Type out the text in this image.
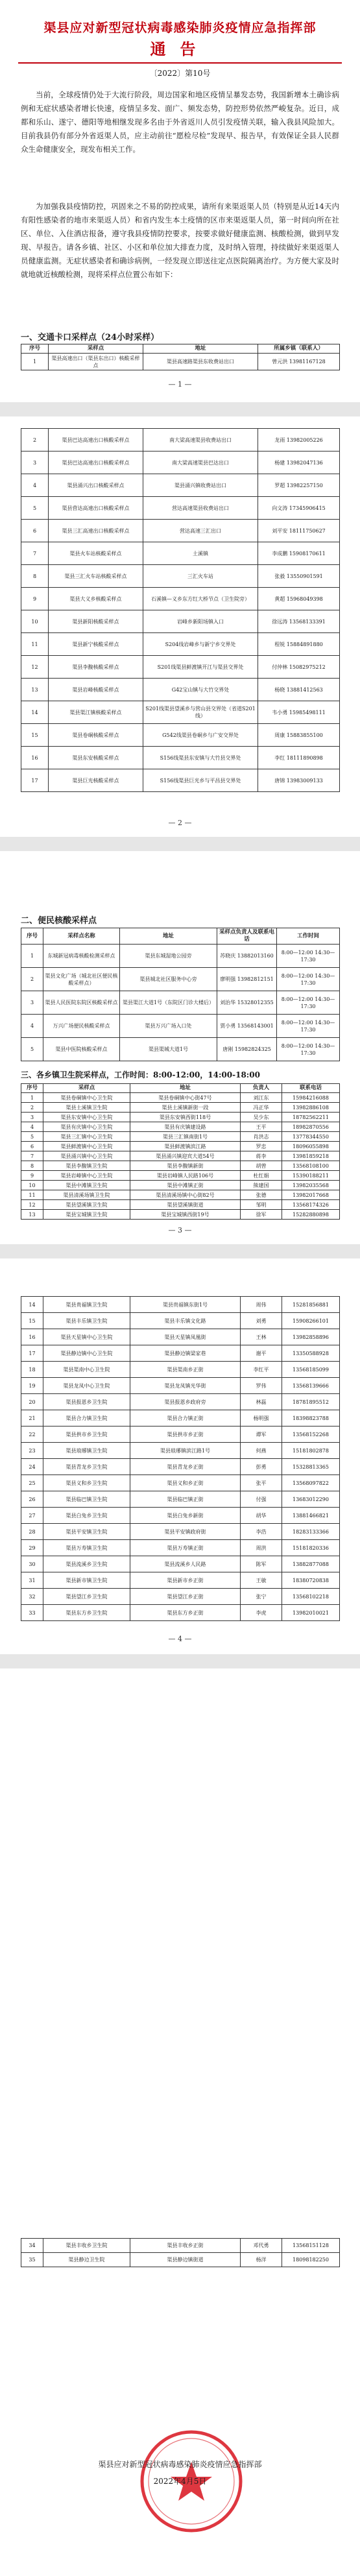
渠县应对新型冠状病毒感染肺炎疫情应急指挥部
通告
〔2022〕第10号

当前，全球疫情仍处于大流行阶段，周边国家和地区疫情呈暴发态势，我国新增本土确诊病例和无症状感染者增长快速，疫情呈多发、面广、频发态势，防控形势依然严峻复杂。近日，成都和乐山、遂宁、德阳等地相继发现多名由于外省返川人员引发疫情关联，输入我县风险加大。目前我县仍有部分外省返渠人员，应主动前往“愿检尽检”发现早、报告早，有效保证全县人民群众生命健康安全，现发布相关工作。

为加强我县疫情防控，巩固来之不易的防控成果，请所有来渠返渠人员（特别是从近14天内有阳性感染者的地市来渠返人员）和省内发生本土疫情的区市来渠返渠人员，第一时间向所在社区、单位、入住酒店报备，遵守我县疫情防控要求，按要求做好健康监测、核酸检测，做到早发现、早报告。请各乡镇、社区、小区和单位加大排查力度，及时纳入管理，持续做好来渠返渠人员健康监测。无症状感染者和确诊病例，一经发现立即送往定点医院隔离治疗。为方便大家及时就地就近核酸检测，现将采样点位置公布如下：

一、交通卡口采样点（24小时采样）
序号	采样点	地址	所属乡镇（联系人）
1	渠县高速出口（渠县东出口）核酸采样点	渠县高速路渠县东收费站出口	曾元洪 13981167128
— 1 —
2	渠县巴达高速出口核酸采样点	南大梁高速渠县收费站出口	龙雨 13982005226
3	渠县巴达高速出口核酸采样点	南大梁高速渠县巴达出口	杨建 13982047136
4	渠县涌兴出口核酸采样点	渠县涌兴镇收费站出口	罗超 13982257150
5	渠县营达高速出口核酸采样点	营达高速渠县收费站出口	向文涛 17345906415
6	渠县三汇高速出口核酸采样点	营达高速三汇出口	刘平安 18111750627
7	渠县火车站核酸采样点	土溪镇	李成鹏 15908170611
8	渠县三汇火车站核酸采样点	三汇火车站	张毅 13550901591
9	渠县大义乡核酸采样点	石溪镇—义乡东方红大桥节点（卫生院旁）	黄超 15968049398
10	渠县新阳核酸采样点	岩峰乡新阳场镇入口	徐远涛 13568133391
11	渠县新宁核酸采样点	S204线岩峰乡与新宁乡交界处	程锐 15884891880
12	渠县李馥核酸采样点	S201线渠县鲜渡镇开江与渠县交界处	付仲林 15082975212
13	渠县岩峰核酸采样点	G42宝山镇与大竹交界处	杨晓 13881412563
14	渠县渠江镇核酸采样点	S201线渠县望溪乡与营山县交界处（省道S201线）	韦小勇 15985498111
15	渠县卷硐核酸采样点	G542线渠县卷硐乡与广安交界处	周康 15883855100
16	渠县东安核酸采样点	S156线渠县东安镇与大竹县交界处	李红 18111890898
17	渠县巨光核酸采样点	S156线渠县巨光乡与平昌县交界处	唐锦 13983009133
— 2 —
二、便民核酸采样点
序号	采样点名称	地址	采样点负责人及联系电话	工作时间
1	东城新冠病毒核酸检测采样点	渠县东城湿地公园旁	苏晓庆 13882013160	8:00—12:00 14:30—17:30
2	渠县文化广场（城北社区便民核酸采样点）	渠县城北社区服务中心旁	廖明强 13982812151	8:00—12:00 14:30—17:30
3	渠县人民医院东院区核酸采样点	渠县渠江大道1号（东院区门诊大楼后）	刘治华 15328012355	8:00—12:00 14:30—17:30
4	万兴广场便民核酸采样点	渠县万兴广场入口处	贾小勇 13568143001	8:00—12:00 14:30—17:30
5	渠县中医院核酸采样点	渠县渠城大道1号	唐刚 15982824325	8:00—12:00 14:30—17:30
三、各乡镇卫生院采样点，工作时间：8:00-12:00，14:00-18:00
序号	采样点	地址	负责人	联系电话
1	渠县卷硐镇中心卫生院	渠县卷硐镇中心街47号	刘江东	15984216088
2	渠县土溪镇卫生院	渠县土溪镇新街一段	冯正华	13982886108
3	渠县东安镇中心卫生院	渠县东安镇西街118号	吴少东	18782562211
4	渠县有庆镇中心卫生院	渠县有庆镇建设路	王平	18982870556
5	渠县三汇镇中心卫生院	渠县三汇镇南街1号	肖洪志	13778344550
6	渠县鲜渡镇中心卫生院	渠县鲜渡镇滨江路	罗忠	18096055898
7	渠县涌兴镇中心卫生院	渠县涌兴镇迎宾大道54号	蒋李	13981859218
8	渠县李馥镇卫生院	渠县李馥镇新街	胡曾	13568108100
9	渠县岩峰镇中心卫生院	渠县岩峰镇人民路106号	杜红娟	15390188211
10	渠县中滩镇卫生院	渠县中滩镇正街	熊建国	13982035568
11	渠县清溪场镇卫生院	渠县清溪场镇中心街82号	张德	13982017668
12	渠县望溪镇卫生院	渠县望溪镇街道	邹明	13568174326
13	渠县宝城镇卫生院	渠县宝城镇西街19号	徐军	15282880898
— 3 —
14	渠县贵福镇卫生院	渠县贵福镇东街1号	周伟	15281856881
15	渠县丰乐镇卫生院	渠县丰乐镇文化路	刘勇	15908266101
16	渠县天星镇中心卫生院	渠县天星镇凤凰街	王林	13982858896
17	渠县静边镇中心卫生院	渠县静边镇梁家巷	谢平	13350588928
18	渠县渠南中心卫生院	渠县渠南乡正街	李红平	13568185099
19	渠县龙凤中心卫生院	渠县龙凤镇光华街	罗伟	13568139666
20	渠县报恩乡卫生院	渠县报恩乡政府旁	林磊	18781895512
21	渠县合力镇卫生院	渠县合力镇正街	杨明强	18398823788
22	渠县拱市乡卫生院	渠县拱市乡正街	谭军	13568152268
23	渠县琅琊镇卫生院	渠县琅琊镇滨江路1号	何燕	15181802878
24	渠县青龙乡卫生院	渠县青龙乡正街	彭勇	15328813365
25	渠县义和乡卫生院	渠县义和乡正街	张平	13568097822
26	渠县临巴镇卫生院	渠县临巴镇正街	付强	13683012290
27	渠县白兔乡卫生院	渠县白兔乡新街	胡华	13881466821
28	渠县平安镇卫生院	渠县平安镇政府街	李浩	18283133366
29	渠县万寿镇卫生院	渠县万寿镇正街	周洪	15181820336
30	渠县流溪乡卫生院	渠县流溪乡人民路	陈军	13882877088
31	渠县新市镇卫生院	渠县新市乡正街	王敏	18380720838
32	渠县望江乡卫生院	渠县望江乡正街	张宁	13568102218
33	渠县东方乡卫生院	渠县东方乡正街	李虎	13982010021
— 4 —
34	渠县丰收乡卫生院	渠县丰收乡正街	邓代勇	13568151128
35	渠县静边卫生院	渠县静边镇街道	杨洋	18098182250
渠县应对新型冠状病毒感染肺炎疫情应急指挥部
2022年4月5日
